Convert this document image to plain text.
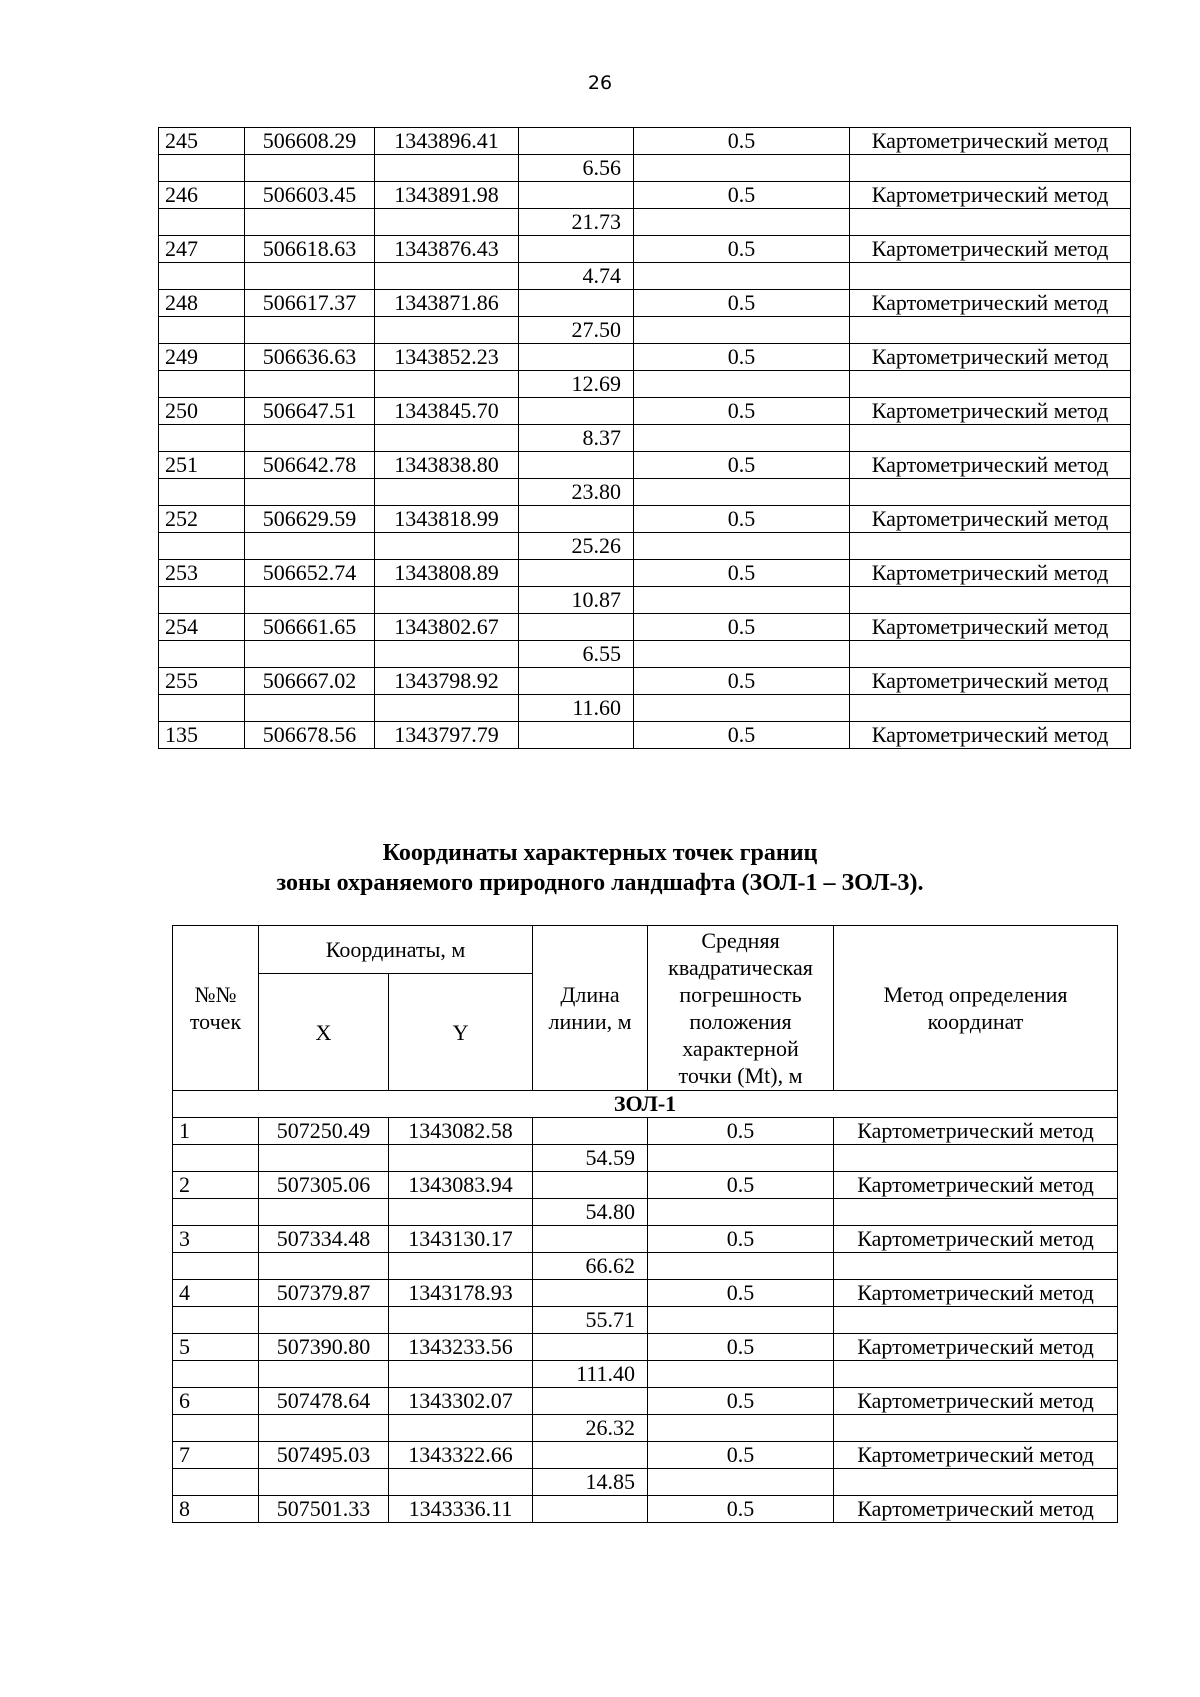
26
245	506608.29	1343896.41		0.5	Картометрический метод
			6.56		
246	506603.45	1343891.98		0.5	Картометрический метод
			21.73		
247	506618.63	1343876.43		0.5	Картометрический метод
			4.74		
248	506617.37	1343871.86		0.5	Картометрический метод
			27.50		
249	506636.63	1343852.23		0.5	Картометрический метод
			12.69		
250	506647.51	1343845.70		0.5	Картометрический метод
			8.37		
251	506642.78	1343838.80		0.5	Картометрический метод
			23.80		
252	506629.59	1343818.99		0.5	Картометрический метод
			25.26		
253	506652.74	1343808.89		0.5	Картометрический метод
			10.87		
254	506661.65	1343802.67		0.5	Картометрический метод
			6.55		
255	506667.02	1343798.92		0.5	Картометрический метод
			11.60		
135	506678.56	1343797.79		0.5	Картометрический метод
Координаты характерных точек границ
зоны охраняемого природного ландшафта (ЗОЛ-1 – ЗОЛ-3).
№№ точек	Координаты, м		Длина линии, м	Средняя квадратическая погрешность положения характерной точки (Mt), м	Метод определения координат
	X	Y			
ЗОЛ-1					
1	507250.49	1343082.58		0.5	Картометрический метод
			54.59		
2	507305.06	1343083.94		0.5	Картометрический метод
			54.80		
3	507334.48	1343130.17		0.5	Картометрический метод
			66.62		
4	507379.87	1343178.93		0.5	Картометрический метод
			55.71		
5	507390.80	1343233.56		0.5	Картометрический метод
			111.40		
6	507478.64	1343302.07		0.5	Картометрический метод
			26.32		
7	507495.03	1343322.66		0.5	Картометрический метод
			14.85		
8	507501.33	1343336.11		0.5	Картометрический метод
